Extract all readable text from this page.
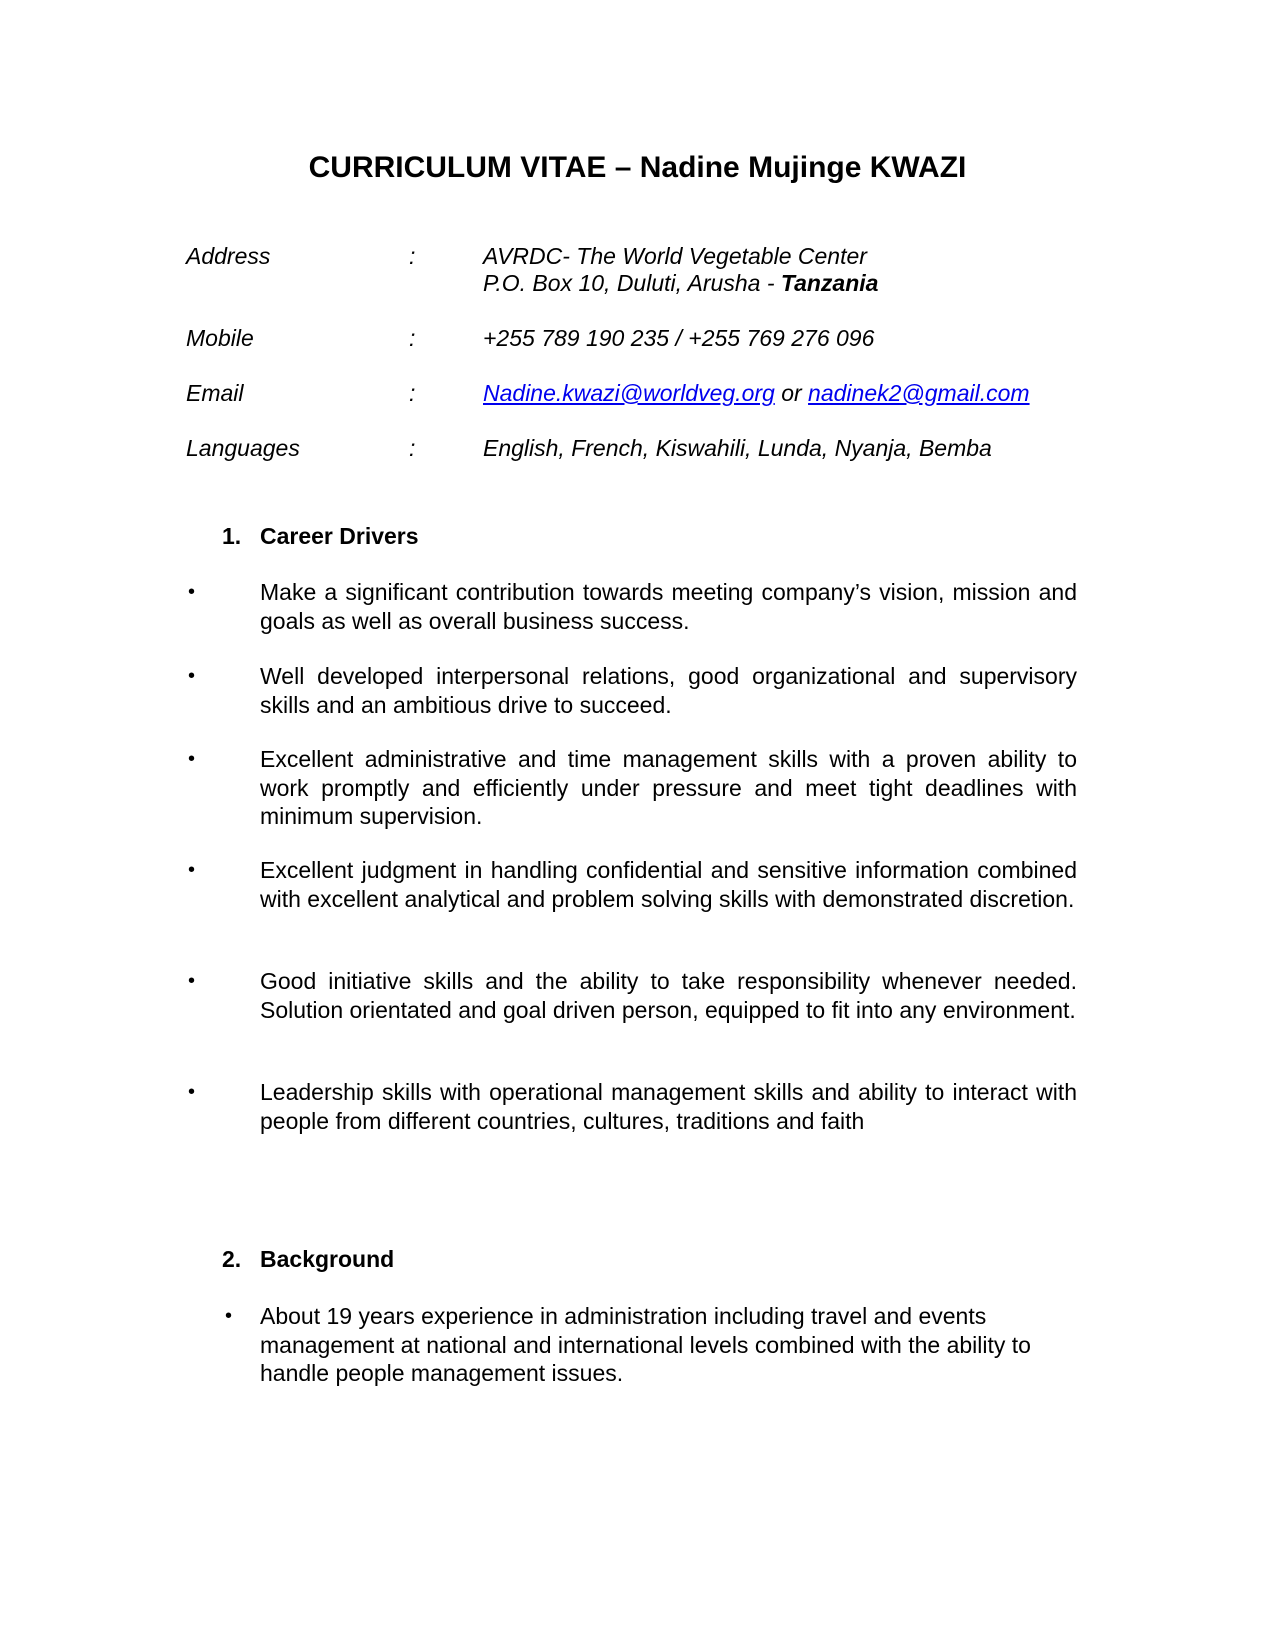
CURRICULUM VITAE – Nadine Mujinge KWAZI
Address	:	AVRDC- The World Vegetable Center
P.O. Box 10, Duluti, Arusha - Tanzania
Mobile	:	+255 789 190 235 / +255 769 276 096
Email	:	Nadine.kwazi@worldveg.org or nadinek2@gmail.com
Languages	:	English, French, Kiswahili, Lunda, Nyanja, Bemba
1. Career Drivers
•	Make a significant contribution towards meeting company’s vision, mission and goals as well as overall business success.
•	Well developed interpersonal relations, good organizational and supervisory skills and an ambitious drive to succeed.
•	Excellent administrative and time management skills with a proven ability to work promptly and efficiently under pressure and meet tight deadlines with minimum supervision.
•	Excellent judgment in handling confidential and sensitive information combined with excellent analytical and problem solving skills with demonstrated discretion.
•	Good initiative skills and the ability to take responsibility whenever needed. Solution orientated and goal driven person, equipped to fit into any environment.
•	Leadership skills with operational management skills and ability to interact with people from different countries, cultures, traditions and faith
2. Background
• About 19 years experience in administration including travel and events management at national and international levels combined with the ability to handle people management issues.
